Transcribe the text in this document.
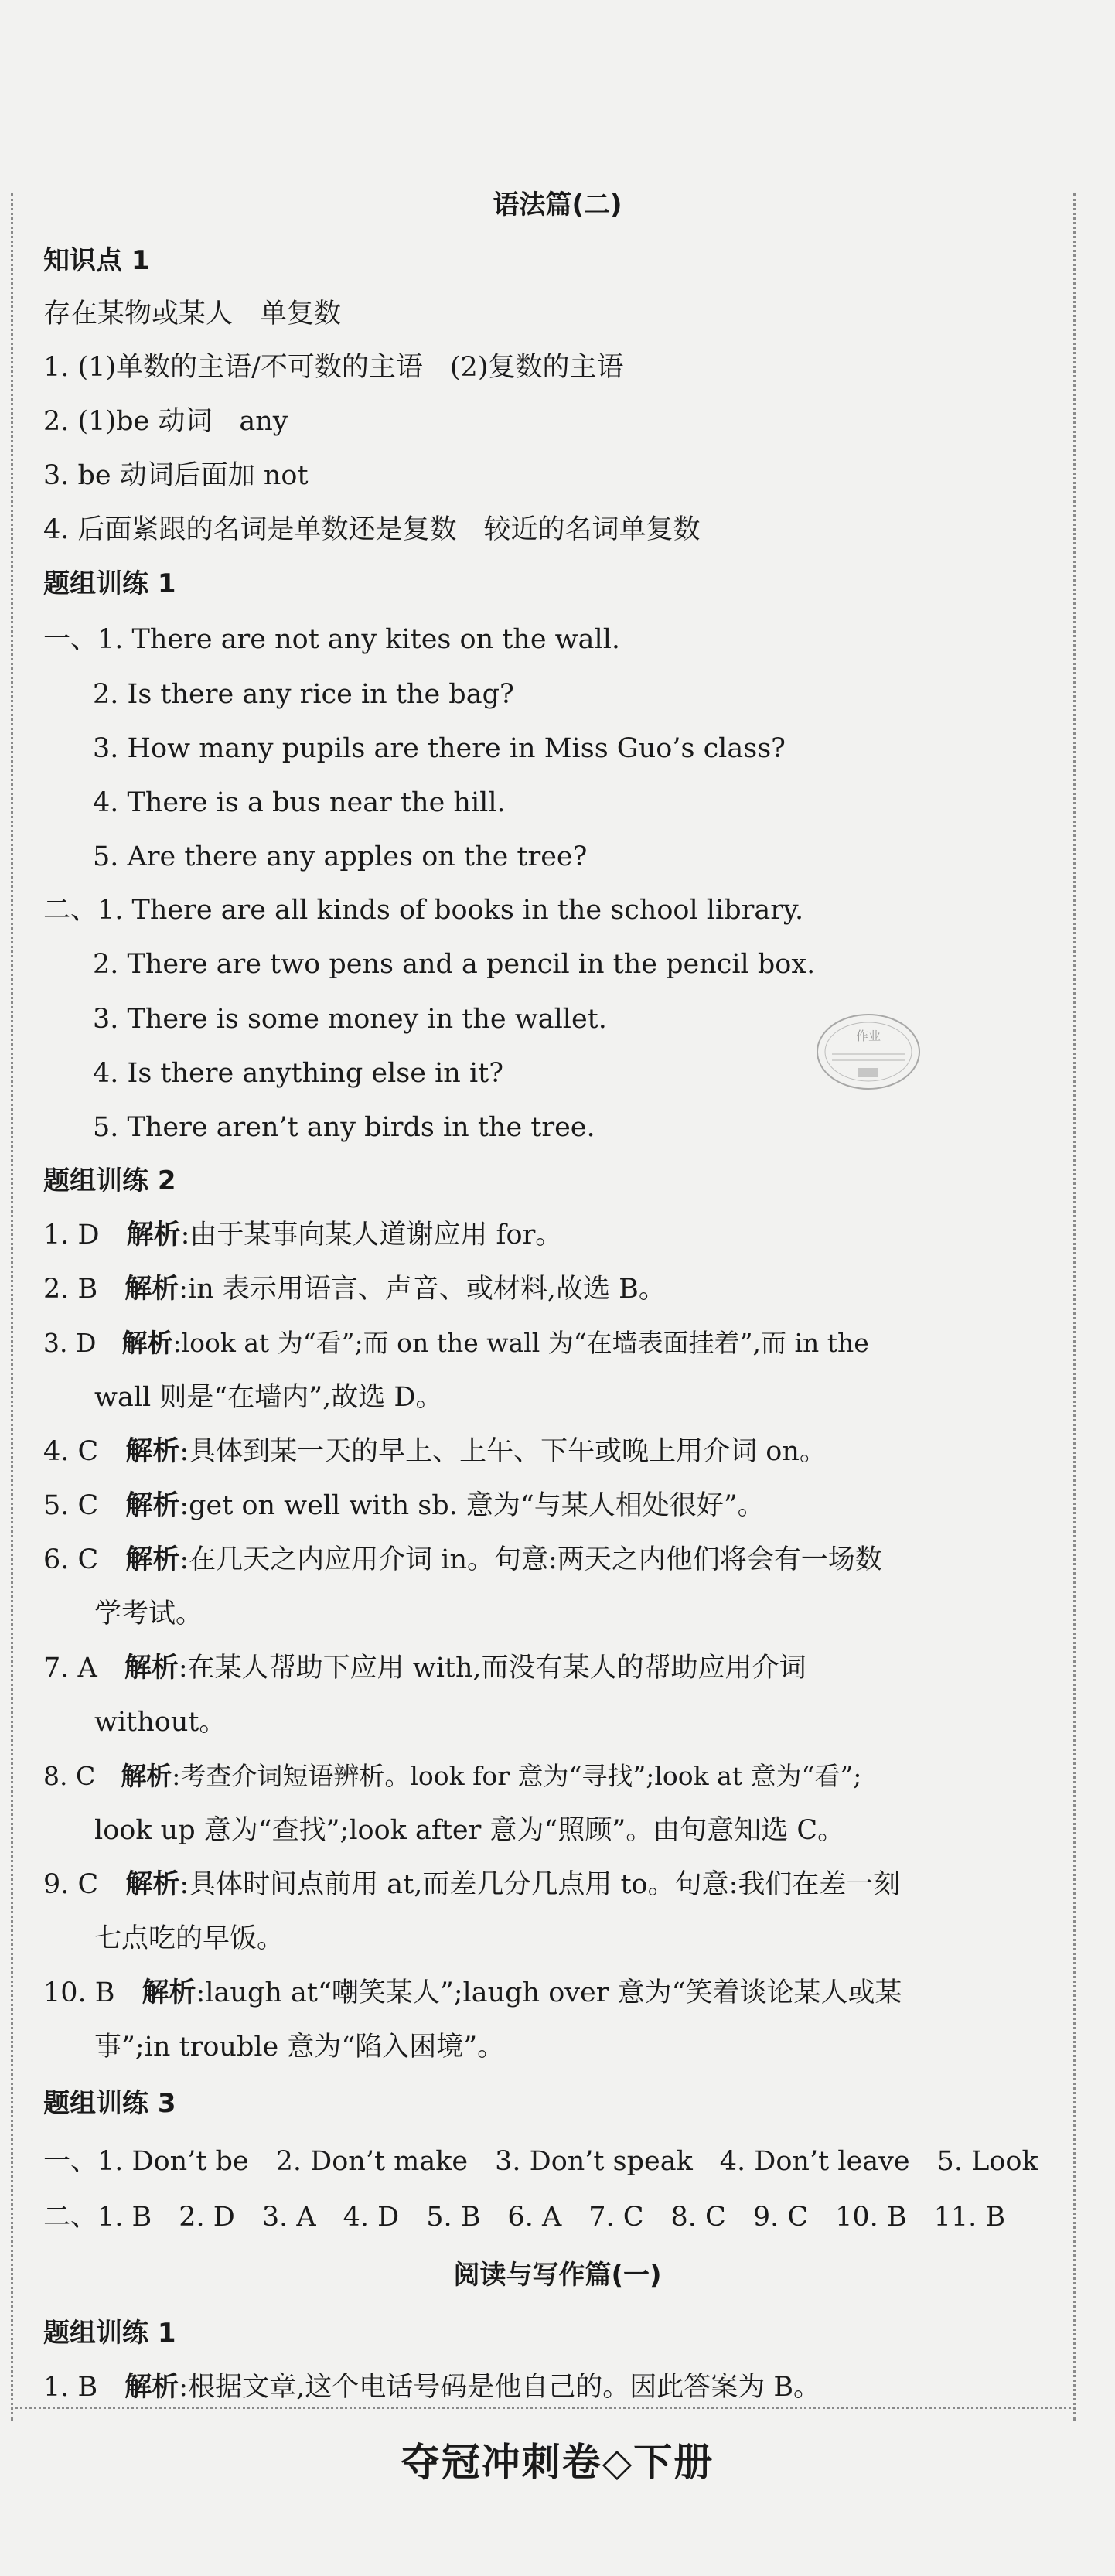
语法篇(二)
知识点 1
存在某物或某人　单复数
1. (1)单数的主语/不可数的主语　(2)复数的主语
2. (1)be 动词　any
3. be 动词后面加 not
4. 后面紧跟的名词是单数还是复数　较近的名词单复数
题组训练 1
一、1. There are not any kites on the wall.
2. Is there any rice in the bag?
3. How many pupils are there in Miss Guo’s class?
4. There is a bus near the hill.
5. Are there any apples on the tree?
二、1. There are all kinds of books in the school library.
2. There are two pens and a pencil in the pencil box.
3. There is some money in the wallet.
4. Is there anything else in it?
5. There aren’t any birds in the tree.
作业
题组训练 2
1. D　 解析:由于某事向某人道谢应用 for。
2. B　 解析:in 表示用语言、声音、或材料,故选 B。
3. D　 解析:look at 为“看”;而 on the wall 为“在墙表面挂着”,而 in the
wall 则是“在墙内”,故选 D。
4. C　 解析:具体到某一天的早上、上午、下午或晚上用介词 on。
5. C　 解析:get on well with sb. 意为“与某人相处很好”。
6. C　 解析:在几天之内应用介词 in。句意:两天之内他们将会有一场数
学考试。
7. A　 解析:在某人帮助下应用 with,而没有某人的帮助应用介词
without。
8. C　 解析:考查介词短语辨析。look for 意为“寻找”;look at 意为“看”;
look up 意为“查找”;look after 意为“照顾”。由句意知选 C。
9. C　 解析:具体时间点前用 at,而差几分几点用 to。句意:我们在差一刻
七点吃的早饭。
10. B　 解析:laugh at“嘲笑某人”;laugh over 意为“笑着谈论某人或某
事”;in trouble 意为“陷入困境”。
题组训练 3
一、1. Don’t be　2. Don’t make　3. Don’t speak　4. Don’t leave　5. Look
二、1. B　2. D　3. A　4. D　5. B　6. A　7. C　8. C　9. C　10. B　11. B
阅读与写作篇(一)
题组训练 1
1. B　 解析:根据文章,这个电话号码是他自己的。因此答案为 B。
夺冠冲刺卷◇下册
